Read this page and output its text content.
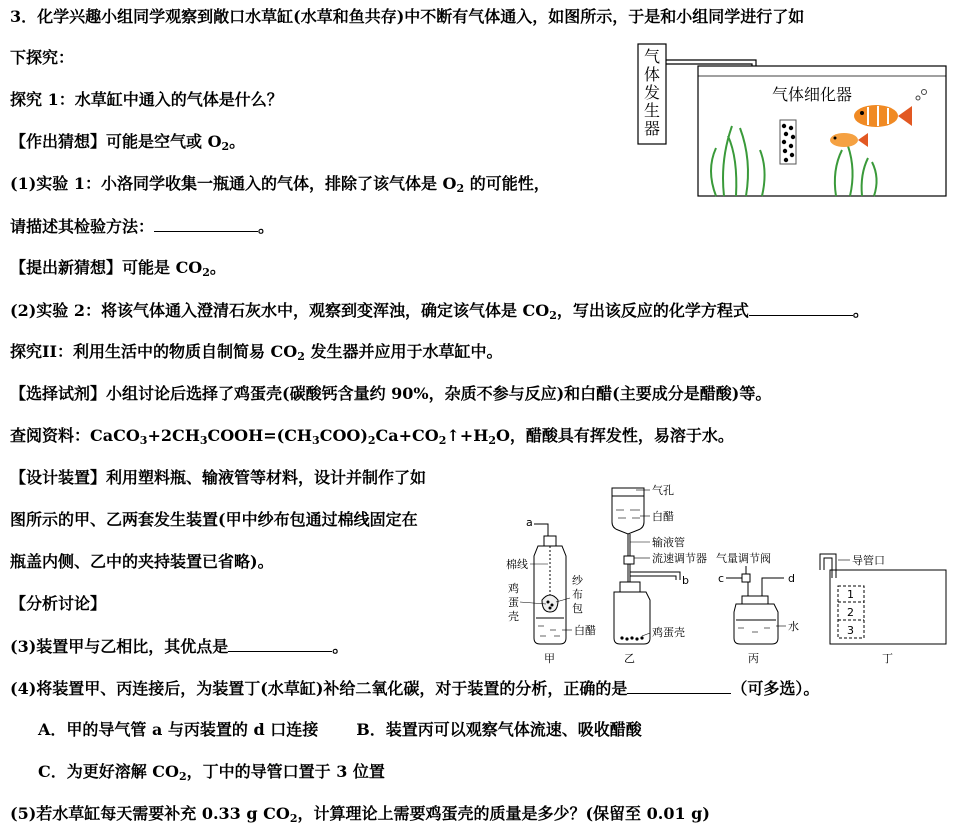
3．化学兴趣小组同学观察到敞口水草缸(水草和鱼共存)中不断有气体通入，如图所示，于是和小组同学进行了如
下探究：
探究 1：水草缸中通入的气体是什么？
【作出猜想】可能是空气或 $O_2$。
(1)实验 1：小洛同学收集一瓶通入的气体，排除了该气体是 $O_2$ 的可能性，
请描述其检验方法：	。
【提出新猜想】可能是 $CO_2$。
(2)实验 2：将该气体通入澄清石灰水中，观察到变浑浊，确定该气体是 $CO_2$，写出该反应的化学方程式	。
探究II：利用生活中的物质自制简易 $CO_2$ 发生器并应用于水草缸中。
【选择试剂】小组讨论后选择了鸡蛋壳(碳酸钙含量约 90%，杂质不参与反应)和白醋(主要成分是醋酸)等。
查阅资料：$CaCO_3+2CH_3COOH=(CH_3COO)_2Ca+CO_2↑+H_2O$，醋酸具有挥发性，易溶于水。
【设计装置】利用塑料瓶、输液管等材料，设计并制作了如
图所示的甲、乙两套发生装置(甲中纱布包通过棉线固定在
瓶盖内侧、乙中的夹持装置已省略)。
【分析讨论】
(3)装置甲与乙相比，其优点是	。
(4)将装置甲、丙连接后，为装置丁(水草缸)补给二氧化碳，对于装置的分析，正确的是	（可多选）。
A．甲的导气管 a 与丙装置的 d 口连接 B．装置丙可以观察气体流速、吸收醋酸
C．为更好溶解 $CO_2$，丁中的导管口置于 3 位置
(5)若水草缸每天需要补充 0.33 g $CO_2$，计算理论上需要鸡蛋壳的质量是多少？(保留至 0.01 g)
气
体
发
生
器
气体细化器
a
棉线
鸡
蛋
壳
纱
布
包
白醋
甲
气孔
白醋
输液管
流速调节器
b
鸡蛋壳
乙
气量调节阀
c	d
水
丙
导管口
1
2
3
丁
